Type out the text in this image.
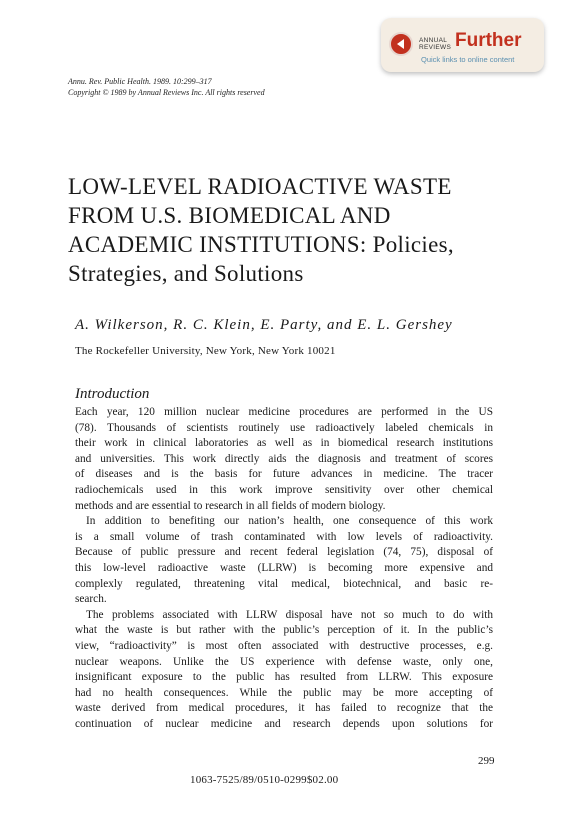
ANNUAL
REVIEWS Further
Quick links to online content
Annu. Rev. Public Health. 1989. 10:299–317
Copyright © 1989 by Annual Reviews Inc. All rights reserved
LOW-LEVEL RADIOACTIVE WASTE
FROM U.S. BIOMEDICAL AND
ACADEMIC INSTITUTIONS: Policies,
Strategies, and Solutions
A. Wilkerson, R. C. Klein, E. Party, and E. L. Gershey
The Rockefeller University, New York, New York 10021
Introduction
Each year, 120 million nuclear medicine procedures are performed in the US
(78). Thousands of scientists routinely use radioactively labeled chemicals in
their work in clinical laboratories as well as in biomedical research institutions
and universities. This work directly aids the diagnosis and treatment of scores
of diseases and is the basis for future advances in medicine. The tracer
radiochemicals used in this work improve sensitivity over other chemical
methods and are essential to research in all fields of modern biology.
In addition to benefiting our nation’s health, one consequence of this work
is a small volume of trash contaminated with low levels of radioactivity.
Because of public pressure and recent federal legislation (74, 75), disposal of
this low-level radioactive waste (LLRW) is becoming more expensive and
complexly regulated, threatening vital medical, biotechnical, and basic re-
search.
The problems associated with LLRW disposal have not so much to do with
what the waste is but rather with the public’s perception of it. In the public’s
view, “radioactivity” is most often associated with destructive processes, e.g.
nuclear weapons. Unlike the US experience with defense waste, only one,
insignificant exposure to the public has resulted from LLRW. This exposure
had no health consequences. While the public may be more accepting of
waste derived from medical procedures, it has failed to recognize that the
continuation of nuclear medicine and research depends upon solutions for
299
1063-7525/89/0510-0299$02.00
